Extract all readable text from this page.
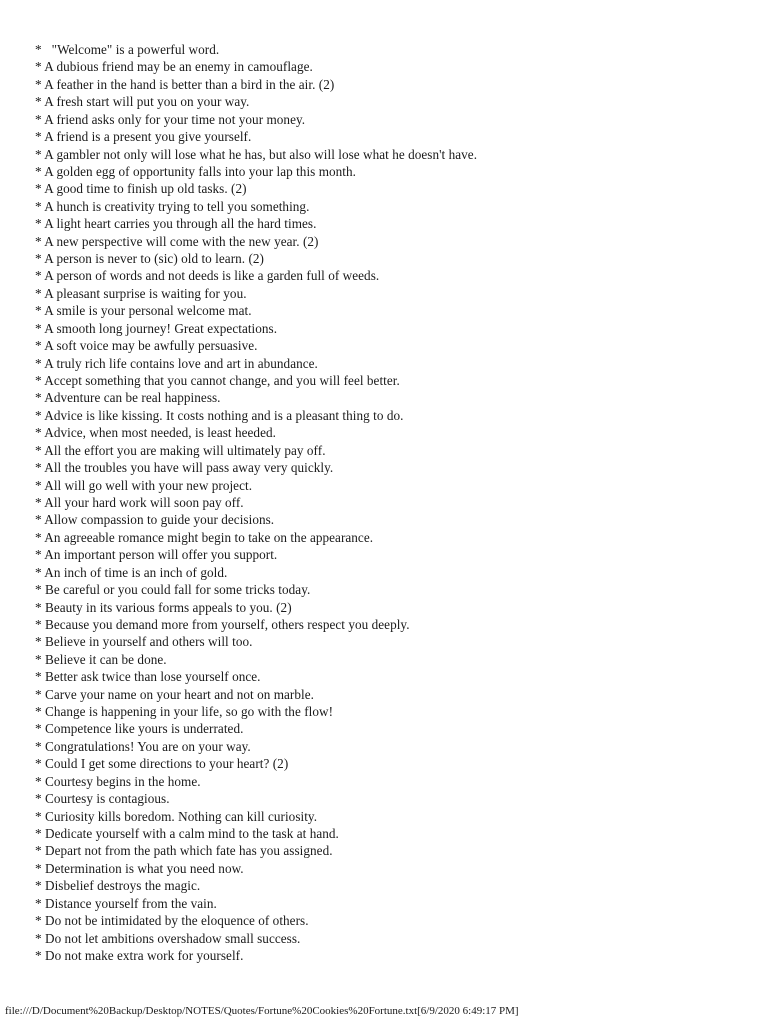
*   "Welcome" is a powerful word.
* A dubious friend may be an enemy in camouflage.
* A feather in the hand is better than a bird in the air. (2)
* A fresh start will put you on your way.
* A friend asks only for your time not your money.
* A friend is a present you give yourself.
* A gambler not only will lose what he has, but also will lose what he doesn't have.
* A golden egg of opportunity falls into your lap this month.
* A good time to finish up old tasks. (2)
* A hunch is creativity trying to tell you something.
* A light heart carries you through all the hard times.
* A new perspective will come with the new year. (2)
* A person is never to (sic) old to learn. (2)
* A person of words and not deeds is like a garden full of weeds.
* A pleasant surprise is waiting for you.
* A smile is your personal welcome mat.
* A smooth long journey! Great expectations.
* A soft voice may be awfully persuasive.
* A truly rich life contains love and art in abundance.
* Accept something that you cannot change, and you will feel better.
* Adventure can be real happiness.
* Advice is like kissing. It costs nothing and is a pleasant thing to do.
* Advice, when most needed, is least heeded.
* All the effort you are making will ultimately pay off.
* All the troubles you have will pass away very quickly.
* All will go well with your new project.
* All your hard work will soon pay off.
* Allow compassion to guide your decisions.
* An agreeable romance might begin to take on the appearance.
* An important person will offer you support.
* An inch of time is an inch of gold.
* Be careful or you could fall for some tricks today.
* Beauty in its various forms appeals to you. (2)
* Because you demand more from yourself, others respect you deeply.
* Believe in yourself and others will too.
* Believe it can be done.
* Better ask twice than lose yourself once.
* Carve your name on your heart and not on marble.
* Change is happening in your life, so go with the flow!
* Competence like yours is underrated.
* Congratulations! You are on your way.
* Could I get some directions to your heart? (2)
* Courtesy begins in the home.
* Courtesy is contagious.
* Curiosity kills boredom. Nothing can kill curiosity.
* Dedicate yourself with a calm mind to the task at hand.
* Depart not from the path which fate has you assigned.
* Determination is what you need now.
* Disbelief destroys the magic.
* Distance yourself from the vain.
* Do not be intimidated by the eloquence of others.
* Do not let ambitions overshadow small success.
* Do not make extra work for yourself.
file:///D/Document%20Backup/Desktop/NOTES/Quotes/Fortune%20Cookies%20Fortune.txt[6/9/2020 6:49:17 PM]
